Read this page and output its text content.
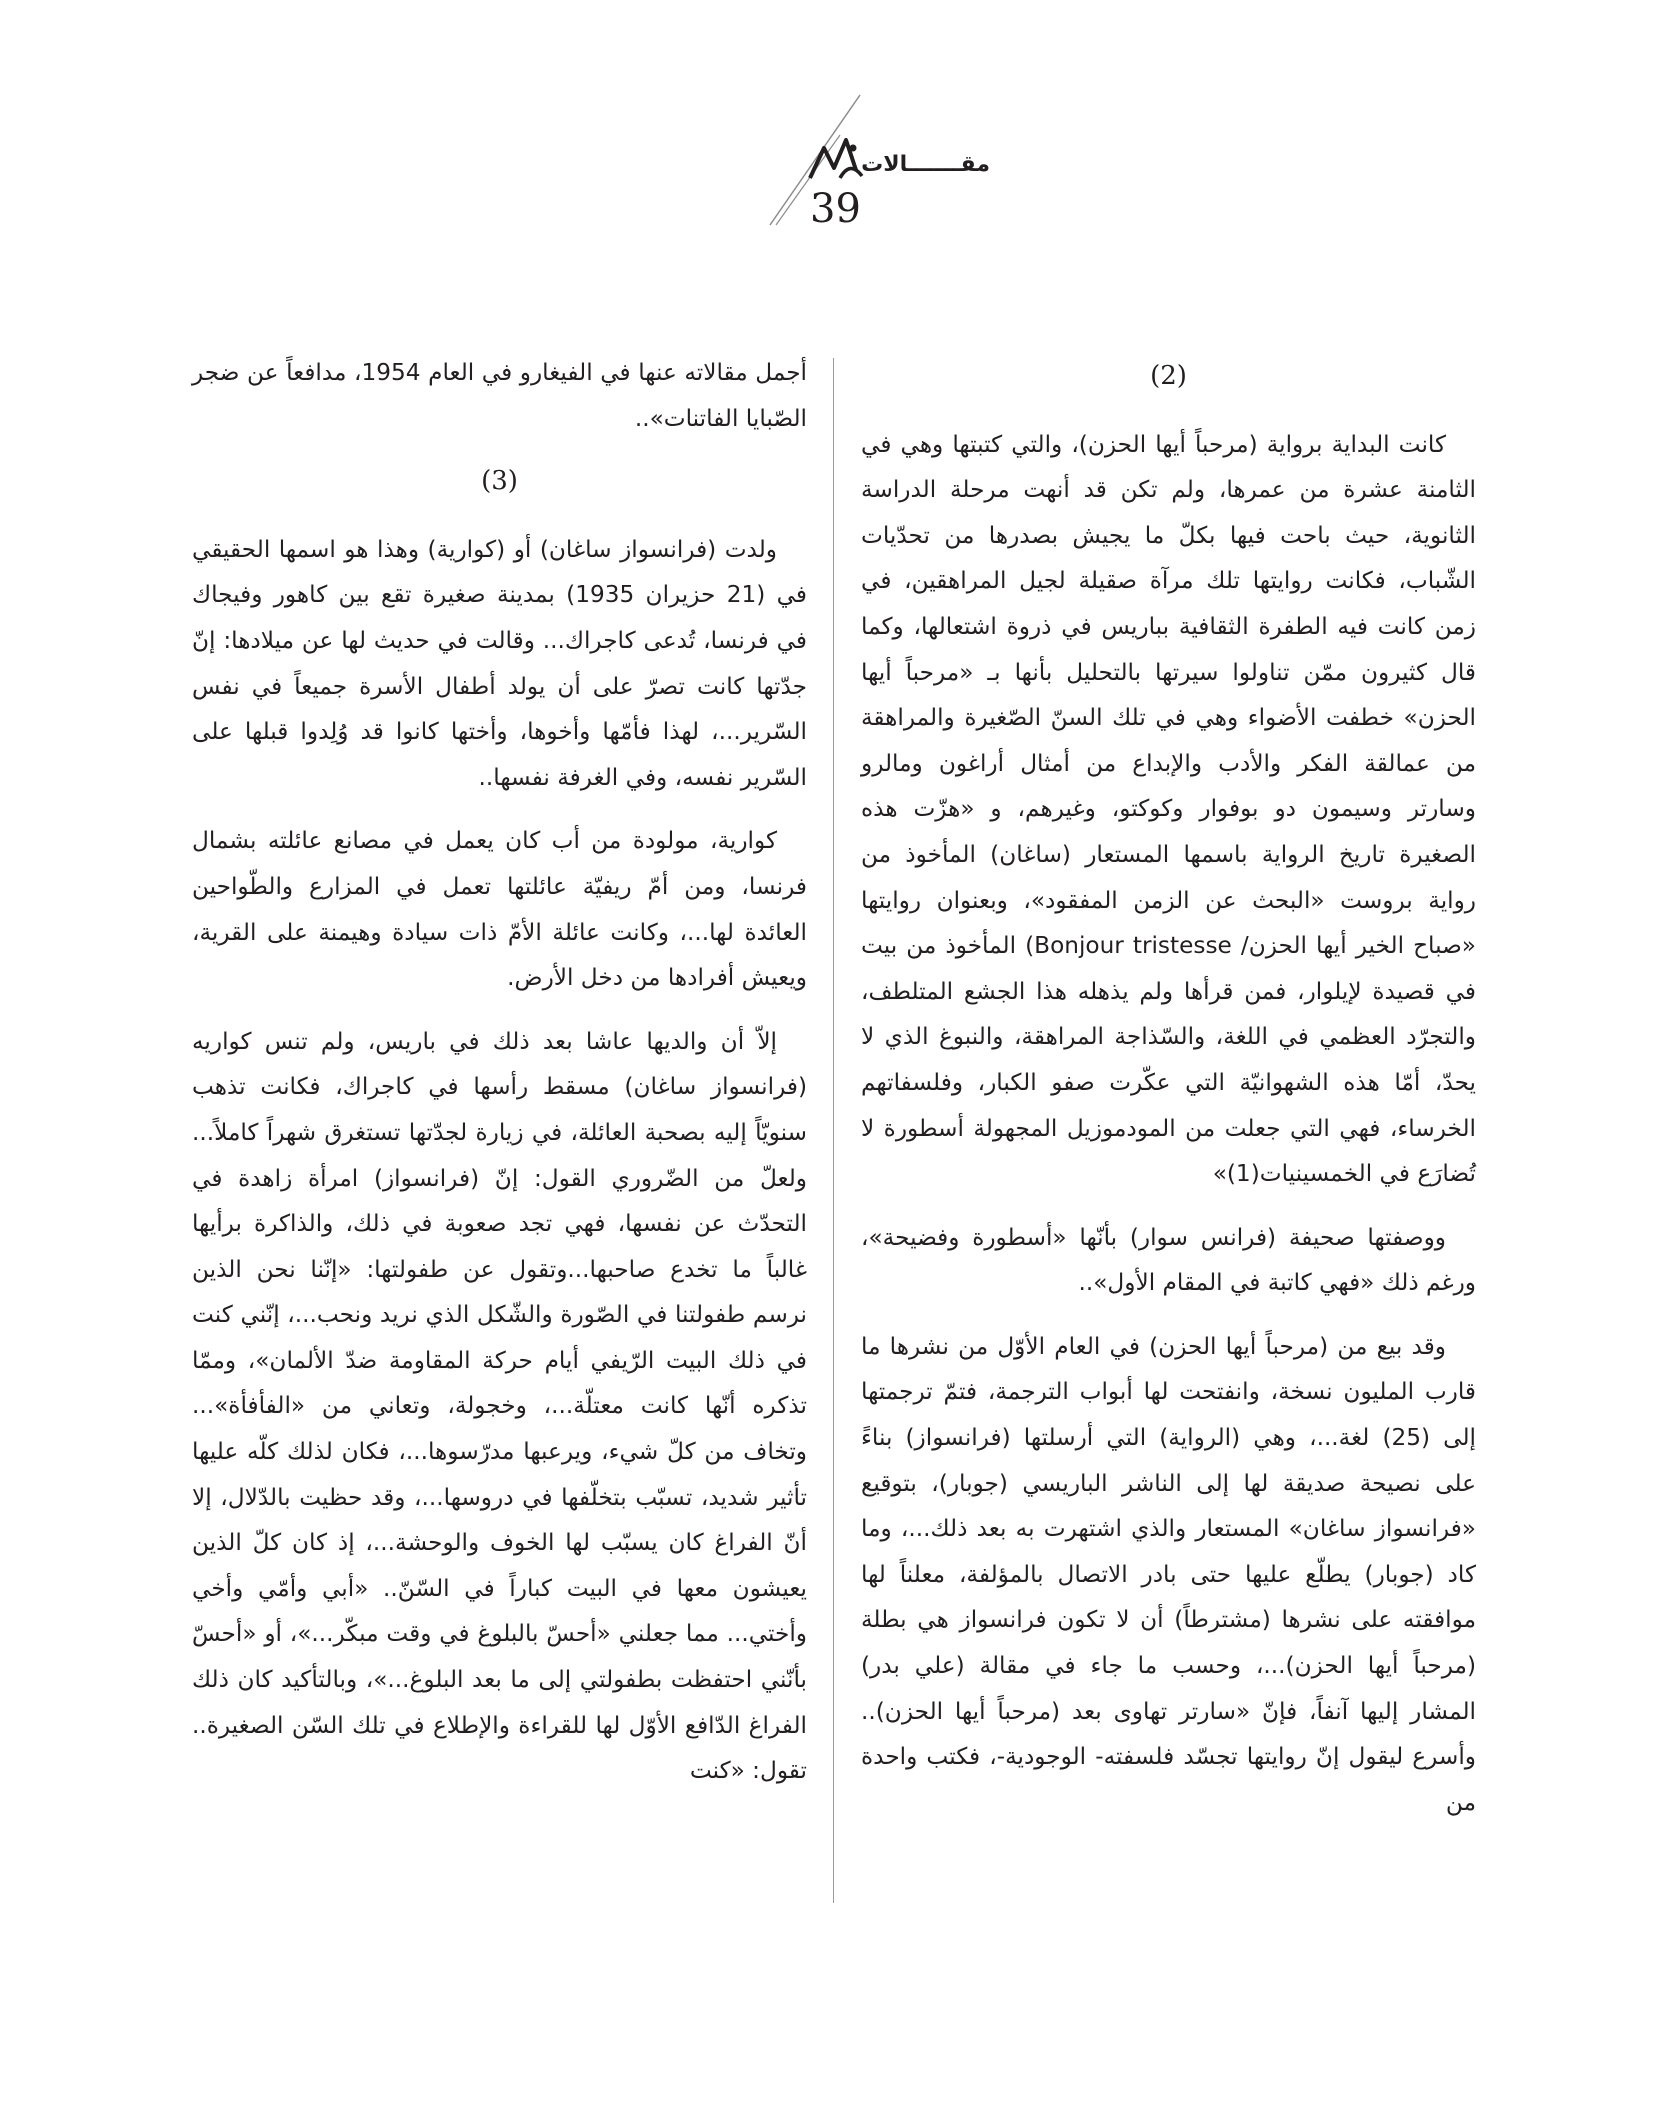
مقـــــــالات
39
(2)

كانت البداية برواية (مرحباً أيها الحزن)، والتي كتبتها وهي في الثامنة عشرة من عمرها، ولم تكن قد أنهت مرحلة الدراسة الثانوية، حيث باحت فيها بكلّ ما يجيش بصدرها من تحدّيات الشّباب، فكانت روايتها تلك مرآة صقيلة لجيل المراهقين، في زمن كانت فيه الطفرة الثقافية بباريس في ذروة اشتعالها، وكما قال كثيرون ممّن تناولوا سيرتها بالتحليل بأنها بـ «مرحباً أيها الحزن» خطفت الأضواء وهي في تلك السنّ الصّغيرة والمراهقة من عمالقة الفكر والأدب والإبداع من أمثال أراغون ومالرو وسارتر وسيمون دو بوفوار وكوكتو، وغيرهم، و «هزّت هذه الصغيرة تاريخ الرواية باسمها المستعار (ساغان) المأخوذ من رواية بروست «البحث عن الزمن المفقود»، وبعنوان روايتها «صباح الخير أيها الحزن/ Bonjour tristesse) المأخوذ من بيت في قصيدة لإيلوار، فمن قرأها ولم يذهله هذا الجشع المتلطف، والتجرّد العظمي في اللغة، والسّذاجة المراهقة، والنبوغ الذي لا يحدّ، أمّا هذه الشهوانيّة التي عكّرت صفو الكبار، وفلسفاتهم الخرساء، فهي التي جعلت من المودموزيل المجهولة أسطورة لا تُضارَع في الخمسينيات(1)»

ووصفتها صحيفة (فرانس سوار) بأنّها «أسطورة وفضيحة»، ورغم ذلك «فهي كاتبة في المقام الأول»..

وقد بيع من (مرحباً أيها الحزن) في العام الأوّل من نشرها ما قارب المليون نسخة، وانفتحت لها أبواب الترجمة، فتمّ ترجمتها إلى (25) لغة...، وهي (الرواية) التي أرسلتها (فرانسواز) بناءً على نصيحة صديقة لها إلى الناشر الباريسي (جوبار)، بتوقيع «فرانسواز ساغان» المستعار والذي اشتهرت به بعد ذلك...، وما كاد (جوبار) يطلّع عليها حتى بادر الاتصال بالمؤلفة، معلناً لها موافقته على نشرها (مشترطاً) أن لا تكون فرانسواز هي بطلة (مرحباً أيها الحزن)...، وحسب ما جاء في مقالة (علي بدر) المشار إليها آنفاً، فإنّ «سارتر تهاوى بعد (مرحباً أيها الحزن).. وأسرع ليقول إنّ روايتها تجسّد فلسفته- الوجودية-، فكتب واحدة من

أجمل مقالاته عنها في الفيغارو في العام 1954، مدافعاً عن ضجر الصّبايا الفاتنات»..

(3)

ولدت (فرانسواز ساغان) أو (كوارية) وهذا هو اسمها الحقيقي في (21 حزيران 1935) بمدينة صغيرة تقع بين كاهور وفيجاك في فرنسا، تُدعى كاجراك... وقالت في حديث لها عن ميلادها: إنّ جدّتها كانت تصرّ على أن يولد أطفال الأسرة جميعاً في نفس السّرير...، لهذا فأمّها وأخوها، وأختها كانوا قد وُلِدوا قبلها على السّرير نفسه، وفي الغرفة نفسها..

كوارية، مولودة من أب كان يعمل في مصانع عائلته بشمال فرنسا، ومن أمّ ريفيّة عائلتها تعمل في المزارع والطّواحين العائدة لها...، وكانت عائلة الأمّ ذات سيادة وهيمنة على القرية، ويعيش أفرادها من دخل الأرض.

إلاّ أن والديها عاشا بعد ذلك في باريس، ولم تنس كواريه (فرانسواز ساغان) مسقط رأسها في كاجراك، فكانت تذهب سنويّاً إليه بصحبة العائلة، في زيارة لجدّتها تستغرق شهراً كاملاً... ولعلّ من الضّروري القول: إنّ (فرانسواز) امرأة زاهدة في التحدّث عن نفسها، فهي تجد صعوبة في ذلك، والذاكرة برأيها غالباً ما تخدع صاحبها...وتقول عن طفولتها: «إنّنا نحن الذين نرسم طفولتنا في الصّورة والشّكل الذي نريد ونحب...، إنّني كنت في ذلك البيت الرّيفي أيام حركة المقاومة ضدّ الألمان»، وممّا تذكره أنّها كانت معتلّة...، وخجولة، وتعاني من «الفأفأة»... وتخاف من كلّ شيء، ويرعبها مدرّسوها...، فكان لذلك كلّه عليها تأثير شديد، تسبّب بتخلّفها في دروسها...، وقد حظيت بالدّلال، إلا أنّ الفراغ كان يسبّب لها الخوف والوحشة...، إذ كان كلّ الذين يعيشون معها في البيت كباراً في السّنّ.. «أبي وأمّي وأخي وأختي... مما جعلني «أحسّ بالبلوغ في وقت مبكّر...»، أو «أحسّ بأنّني احتفظت بطفولتي إلى ما بعد البلوغ...»، وبالتأكيد كان ذلك الفراغ الدّافع الأوّل لها للقراءة والإطلاع في تلك السّن الصغيرة.. تقول: «كنت
